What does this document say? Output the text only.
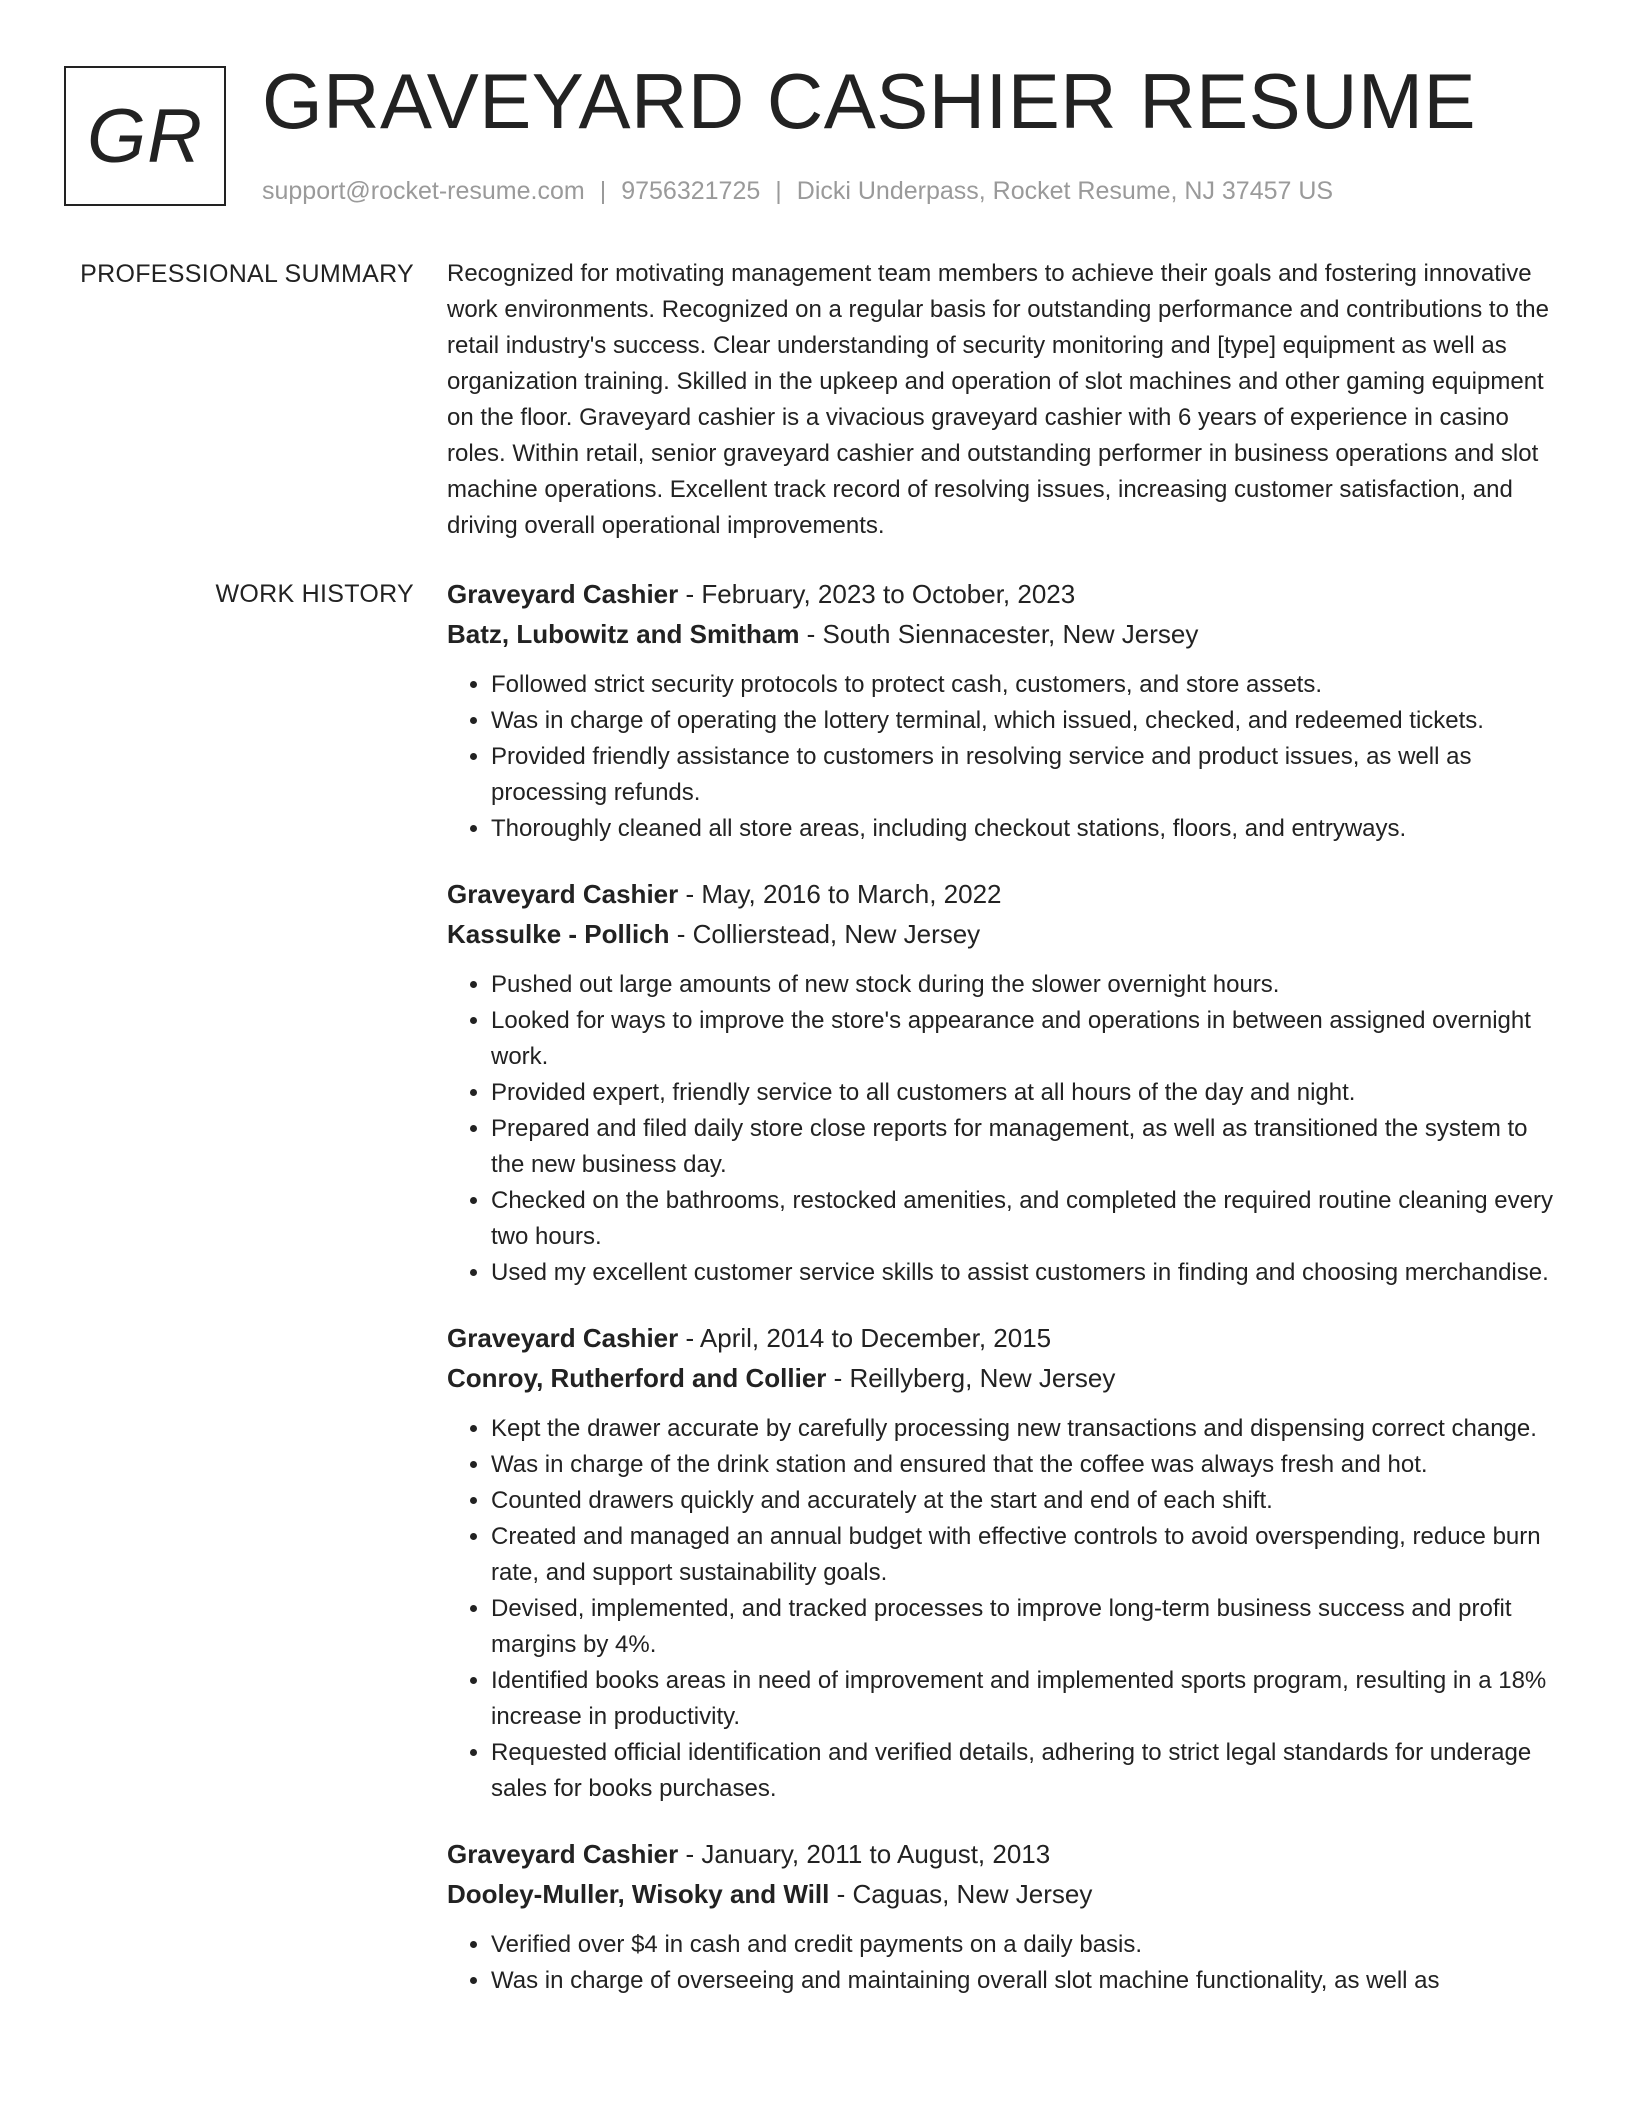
GR GRAVEYARD CASHIER RESUME
support@rocket-resume.com | 9756321725 | Dicki Underpass, Rocket Resume, NJ 37457 US
PROFESSIONAL SUMMARY Recognized for motivating management team members to achieve their goals and fostering innovative work environments. Recognized on a regular basis for outstanding performance and contributions to the retail industry's success. Clear understanding of security monitoring and [type] equipment as well as organization training. Skilled in the upkeep and operation of slot machines and other gaming equipment on the floor. Graveyard cashier is a vivacious graveyard cashier with 6 years of experience in casino roles. Within retail, senior graveyard cashier and outstanding performer in business operations and slot machine operations. Excellent track record of resolving issues, increasing customer satisfaction, and driving overall operational improvements.

WORK HISTORY Graveyard Cashier - February, 2023 to October, 2023
Batz, Lubowitz and Smitham - South Siennacester, New Jersey
• Followed strict security protocols to protect cash, customers, and store assets.
• Was in charge of operating the lottery terminal, which issued, checked, and redeemed tickets.
• Provided friendly assistance to customers in resolving service and product issues, as well as processing refunds.
• Thoroughly cleaned all store areas, including checkout stations, floors, and entryways.
Graveyard Cashier - May, 2016 to March, 2022
Kassulke - Pollich - Collierstead, New Jersey
• Pushed out large amounts of new stock during the slower overnight hours.
• Looked for ways to improve the store's appearance and operations in between assigned overnight work.
• Provided expert, friendly service to all customers at all hours of the day and night.
• Prepared and filed daily store close reports for management, as well as transitioned the system to the new business day.
• Checked on the bathrooms, restocked amenities, and completed the required routine cleaning every two hours.
• Used my excellent customer service skills to assist customers in finding and choosing merchandise.
Graveyard Cashier - April, 2014 to December, 2015
Conroy, Rutherford and Collier - Reillyberg, New Jersey
• Kept the drawer accurate by carefully processing new transactions and dispensing correct change.
• Was in charge of the drink station and ensured that the coffee was always fresh and hot.
• Counted drawers quickly and accurately at the start and end of each shift.
• Created and managed an annual budget with effective controls to avoid overspending, reduce burn rate, and support sustainability goals.
• Devised, implemented, and tracked processes to improve long-term business success and profit margins by 4%.
• Identified books areas in need of improvement and implemented sports program, resulting in a 18% increase in productivity.
• Requested official identification and verified details, adhering to strict legal standards for underage sales for books purchases.
Graveyard Cashier - January, 2011 to August, 2013
Dooley-Muller, Wisoky and Will - Caguas, New Jersey
• Verified over $4 in cash and credit payments on a daily basis.
• Was in charge of overseeing and maintaining overall slot machine functionality, as well as
